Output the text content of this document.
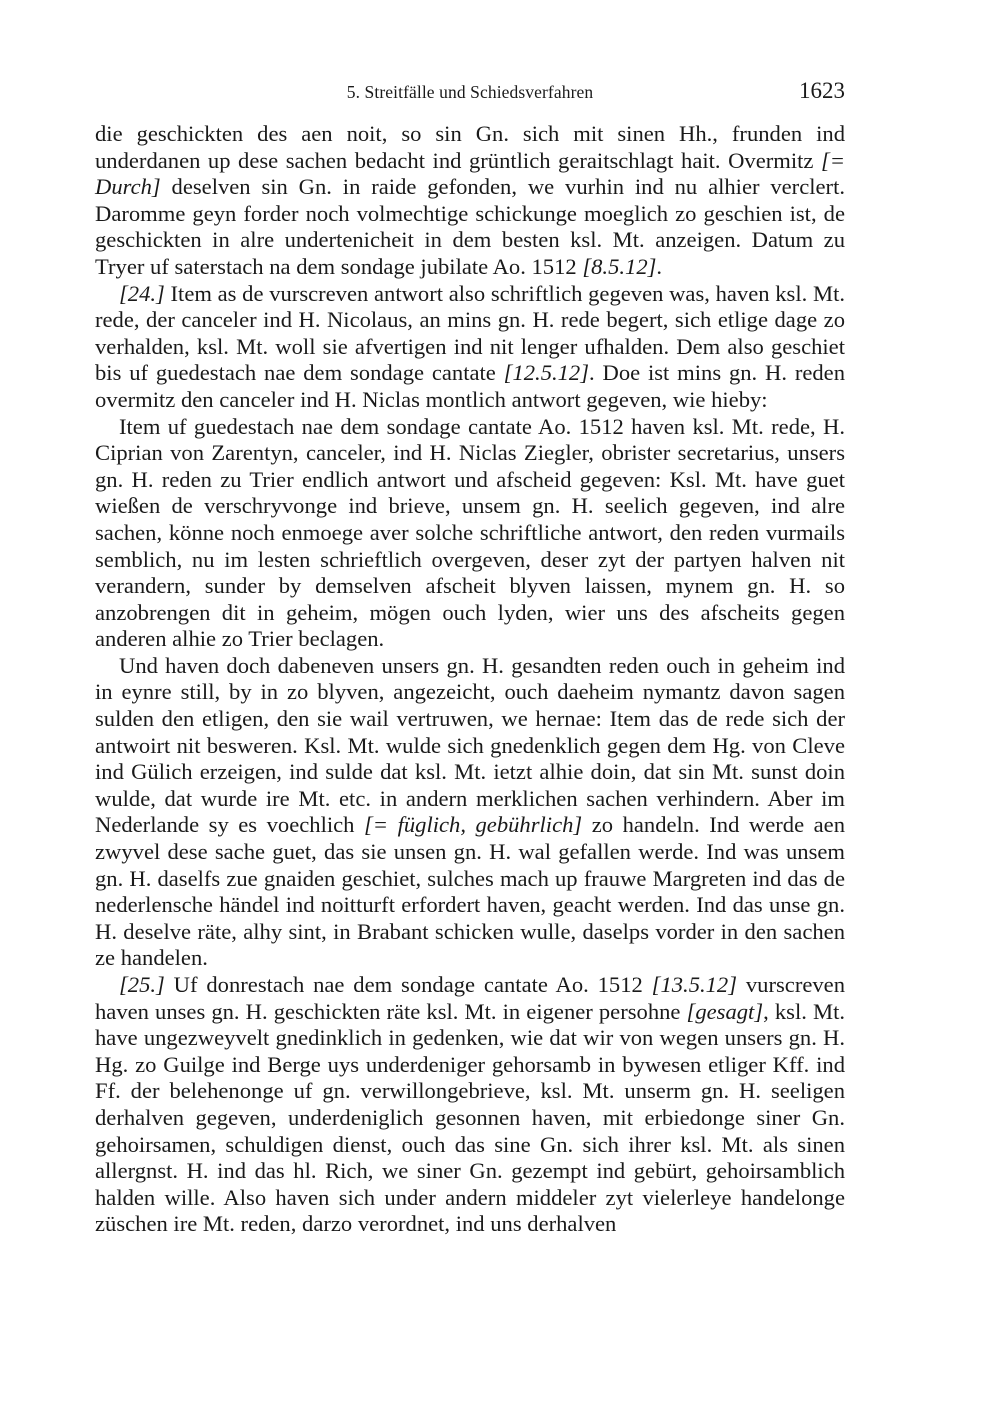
5. Streitfälle und Schiedsverfahren	1623

die geschickten des aen noit, so sin Gn. sich mit sinen Hh., frunden ind underdanen up dese sachen bedacht ind grüntlich geraitschlagt hait. Overmitz [= Durch] deselven sin Gn. in raide gefonden, we vurhin ind nu alhier verclert. Daromme geyn forder noch volmechtige schickunge moeglich zo geschien ist, de geschickten in alre undertenicheit in dem besten ksl. Mt. anzeigen. Datum zu Tryer uf saterstach na dem sondage jubilate Ao. 1512 [8.5.12].

[24.] Item as de vurscreven antwort also schriftlich gegeven was, haven ksl. Mt. rede, der canceler ind H. Nicolaus, an mins gn. H. rede begert, sich etlige dage zo verhalden, ksl. Mt. woll sie afvertigen ind nit lenger ufhalden. Dem also geschiet bis uf guedestach nae dem sondage cantate [12.5.12]. Doe ist mins gn. H. reden overmitz den canceler ind H. Niclas montlich antwort gegeven, wie hieby:

Item uf guedestach nae dem sondage cantate Ao. 1512 haven ksl. Mt. rede, H. Ciprian von Zarentyn, canceler, ind H. Niclas Ziegler, obrister secretarius, unsers gn. H. reden zu Trier endlich antwort und afscheid gegeven: Ksl. Mt. have guet wießen de verschryvonge ind brieve, unsem gn. H. seelich gegeven, ind alre sachen, könne noch enmoege aver solche schriftliche antwort, den reden vurmails semblich, nu im lesten schrieftlich overgeven, deser zyt der partyen halven nit verandern, sunder by demselven afscheit blyven laissen, mynem gn. H. so anzobrengen dit in geheim, mögen ouch lyden, wier uns des afscheits gegen anderen alhie zo Trier beclagen.

Und haven doch dabeneven unsers gn. H. gesandten reden ouch in geheim ind in eynre still, by in zo blyven, angezeicht, ouch daeheim nymantz davon sagen sulden den etligen, den sie wail vertruwen, we hernae: Item das de rede sich der antwoirt nit besweren. Ksl. Mt. wulde sich gnedenklich gegen dem Hg. von Cleve ind Gülich erzeigen, ind sulde dat ksl. Mt. ietzt alhie doin, dat sin Mt. sunst doin wulde, dat wurde ire Mt. etc. in andern merklichen sachen verhindern. Aber im Nederlande sy es voechlich [= füglich, gebührlich] zo handeln. Ind werde aen zwyvel dese sache guet, das sie unsen gn. H. wal gefallen werde. Ind was unsem gn. H. daselfs zue gnaiden geschiet, sulches mach up frauwe Margreten ind das de nederlensche händel ind noitturft erfordert haven, geacht werden. Ind das unse gn. H. deselve räte, alhy sint, in Brabant schicken wulle, daselps vorder in den sachen ze handelen.

[25.] Uf donrestach nae dem sondage cantate Ao. 1512 [13.5.12] vurscreven haven unses gn. H. geschickten räte ksl. Mt. in eigener persohne [gesagt], ksl. Mt. have ungezweyvelt gnedinklich in gedenken, wie dat wir von wegen unsers gn. H. Hg. zo Guilge ind Berge uys underdeniger gehorsamb in bywesen etliger Kff. ind Ff. der belehenonge uf gn. verwillongebrieve, ksl. Mt. unserm gn. H. seeligen derhalven gegeven, underdeniglich gesonnen haven, mit erbiedonge siner Gn. gehoirsamen, schuldigen dienst, ouch das sine Gn. sich ihrer ksl. Mt. als sinen allergnst. H. ind das hl. Rich, we siner Gn. gezempt ind gebürt, gehoirsamblich halden wille. Also haven sich under andern middeler zyt vielerleye handelonge züschen ire Mt. reden, darzo verordnet, ind uns derhalven
